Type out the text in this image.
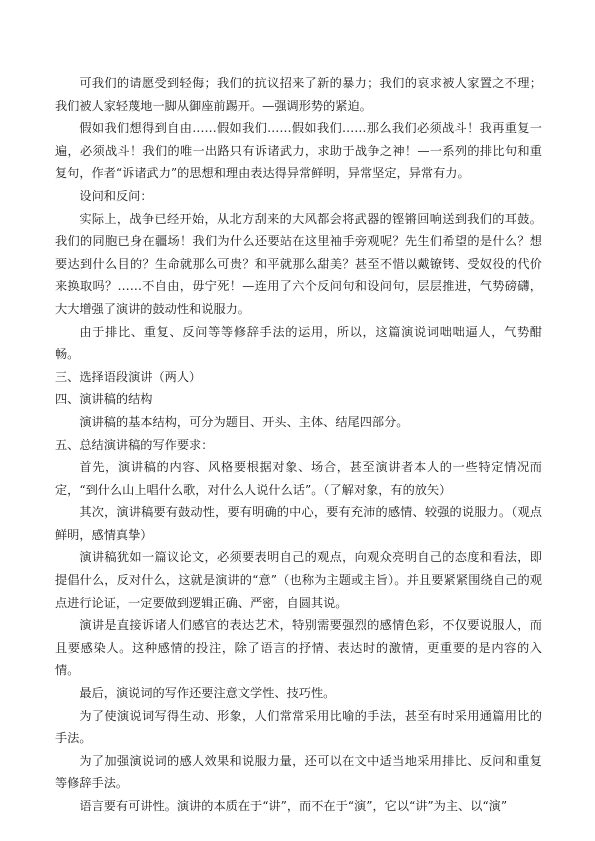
可我们的请愿受到轻侮；我们的抗议招来了新的暴力；我们的哀求被人家置之不理；我们被人家轻蔑地一脚从御座前踢开。—强调形势的紧迫。

假如我们想得到自由……假如我们……假如我们……那么我们必须战斗！我再重复一遍，必须战斗！我们的唯一出路只有诉诸武力，求助于战争之神！—一系列的排比句和重复句，作者“诉诸武力”的思想和理由表达得异常鲜明，异常坚定，异常有力。

设问和反问：

实际上，战争已经开始，从北方刮来的大风都会将武器的铿锵回响送到我们的耳鼓。我们的同胞已身在疆场！我们为什么还要站在这里袖手旁观呢？先生们希望的是什么？想要达到什么目的？生命就那么可贵？和平就那么甜美？甚至不惜以戴镣铐、受奴役的代价来换取吗？……不自由，毋宁死！—连用了六个反问句和设问句，层层推进，气势磅礴，大大增强了演讲的鼓动性和说服力。

由于排比、重复、反问等等修辞手法的运用，所以，这篇演说词咄咄逼人，气势酣畅。

三、选择语段演讲（两人）

四、演讲稿的结构

演讲稿的基本结构，可分为题目、开头、主体、结尾四部分。

五、总结演讲稿的写作要求：

首先，演讲稿的内容、风格要根据对象、场合，甚至演讲者本人的一些特定情况而定，“到什么山上唱什么歌，对什么人说什么话”。（了解对象，有的放矢）

其次，演讲稿要有鼓动性，要有明确的中心，要有充沛的感情、较强的说服力。（观点鲜明，感情真挚）

演讲稿犹如一篇议论文，必须要表明自己的观点，向观众亮明自己的态度和看法，即提倡什么，反对什么，这就是演讲的“意”（也称为主题或主旨）。并且要紧紧围绕自己的观点进行论证，一定要做到逻辑正确、严密，自圆其说。

演讲是直接诉诸人们感官的表达艺术，特别需要强烈的感情色彩，不仅要说服人，而且要感染人。这种感情的投注，除了语言的抒情、表达时的激情，更重要的是内容的入情。

最后，演说词的写作还要注意文学性、技巧性。

为了使演说词写得生动、形象，人们常常采用比喻的手法，甚至有时采用通篇用比的手法。

为了加强演说词的感人效果和说服力量，还可以在文中适当地采用排比、反问和重复等修辞手法。

语言要有可讲性。演讲的本质在于“讲”，而不在于“演”，它以“讲”为主、以“演”
